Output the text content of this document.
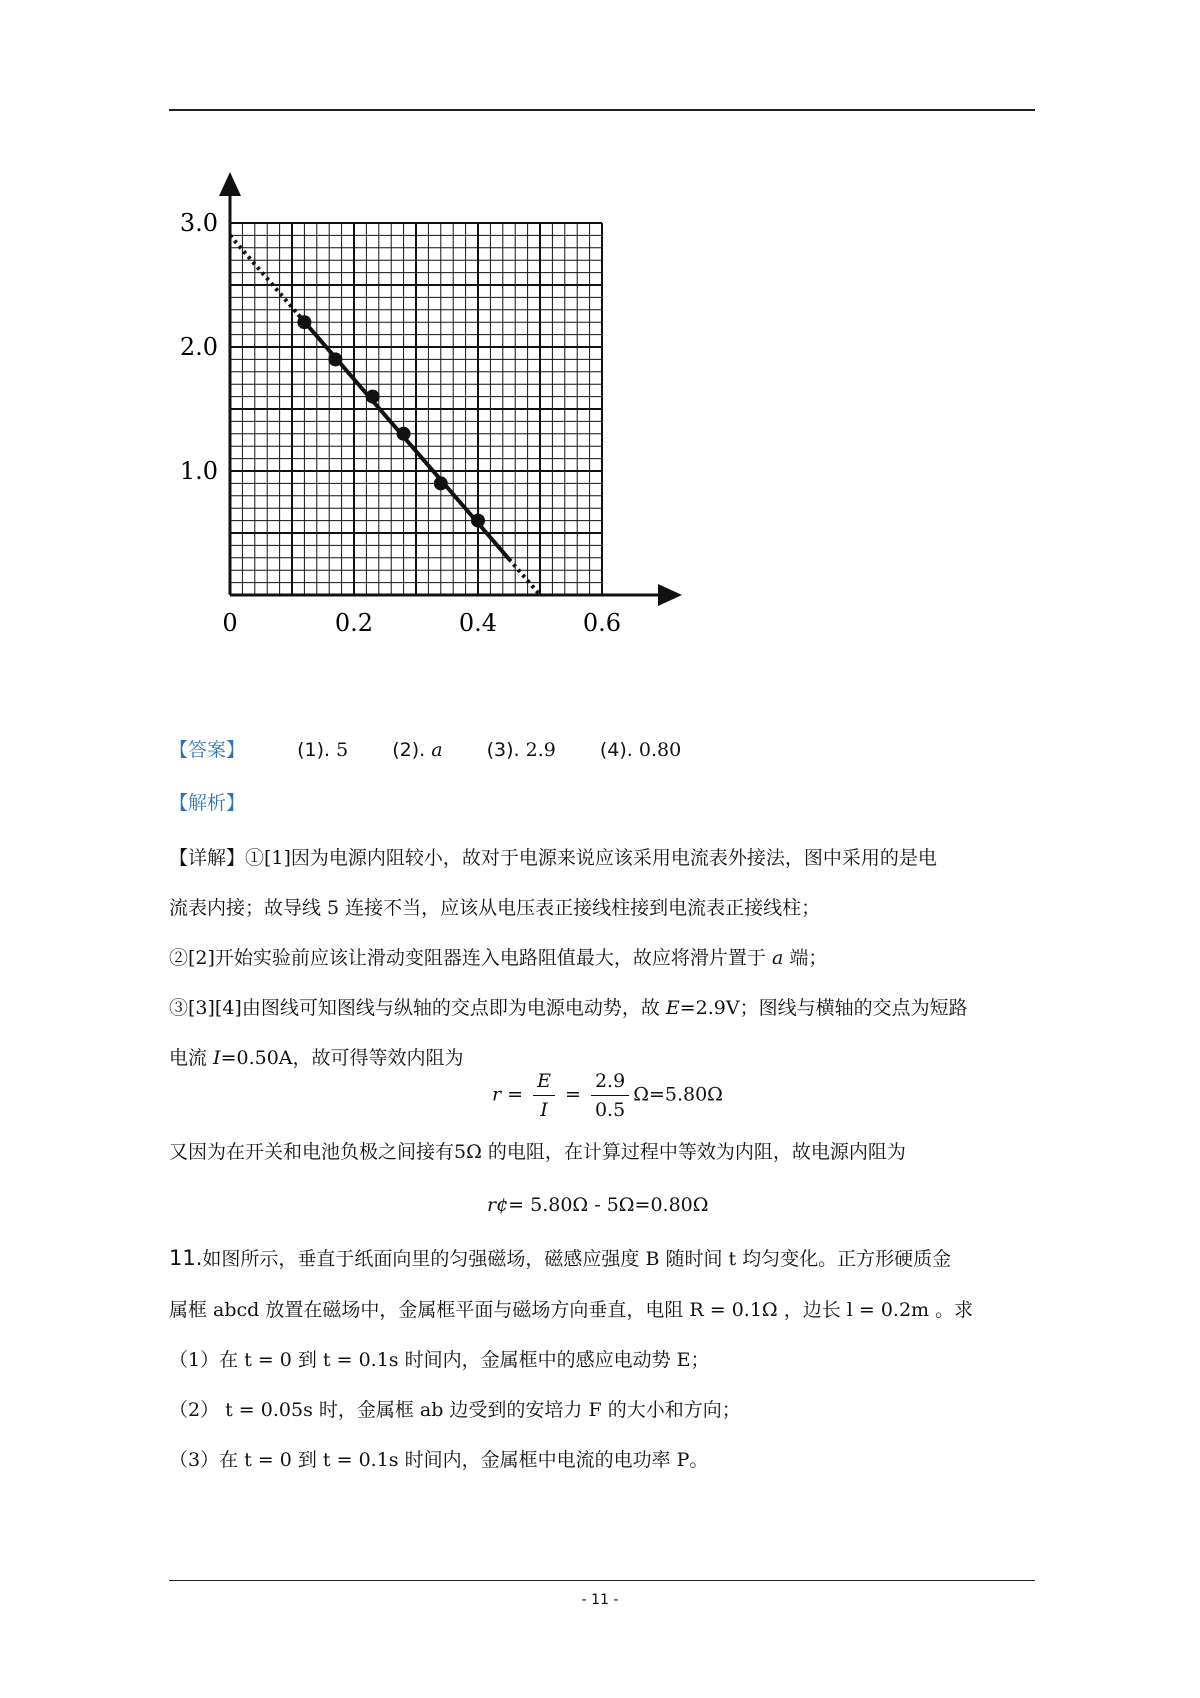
3.0
2.0
1.0
0	0.2	0.4	0.6
【答案】	(1). 5 (2). a (3). 2.9 (4). 0.80
【解析】
【详解】①[1]因为电源内阻较小，故对于电源来说应该采用电流表外接法，图中采用的是电
流表内接；故导线 5 连接不当，应该从电压表正接线柱接到电流表正接线柱；
②[2]开始实验前应该让滑动变阻器连入电路阻值最大，故应将滑片置于 a 端；
③[3][4]由图线可知图线与纵轴的交点即为电源电动势，故 E=2.9V；图线与横轴的交点为短路
电流 I=0.50A，故可得等效内阻为
$r = \frac{E}{I} = \frac{2.9}{0.5} \Omega=5.80\Omega$
又因为在开关和电池负极之间接有5Ω 的电阻，在计算过程中等效为内阻，故电源内阻为
r¢= 5.80Ω - 5Ω=0.80Ω
11.如图所示，垂直于纸面向里的匀强磁场，磁感应强度 B 随时间 t 均匀变化。正方形硬质金
属框 abcd 放置在磁场中，金属框平面与磁场方向垂直，电阻 R = 0.1Ω ，边长 l = 0.2m 。求
（1）在 t = 0 到 t = 0.1s 时间内，金属框中的感应电动势 E；
（2） t = 0.05s 时，金属框 ab 边受到的安培力 F 的大小和方向；
（3）在 t = 0 到 t = 0.1s 时间内，金属框中电流的电功率 P。
- 11 -
